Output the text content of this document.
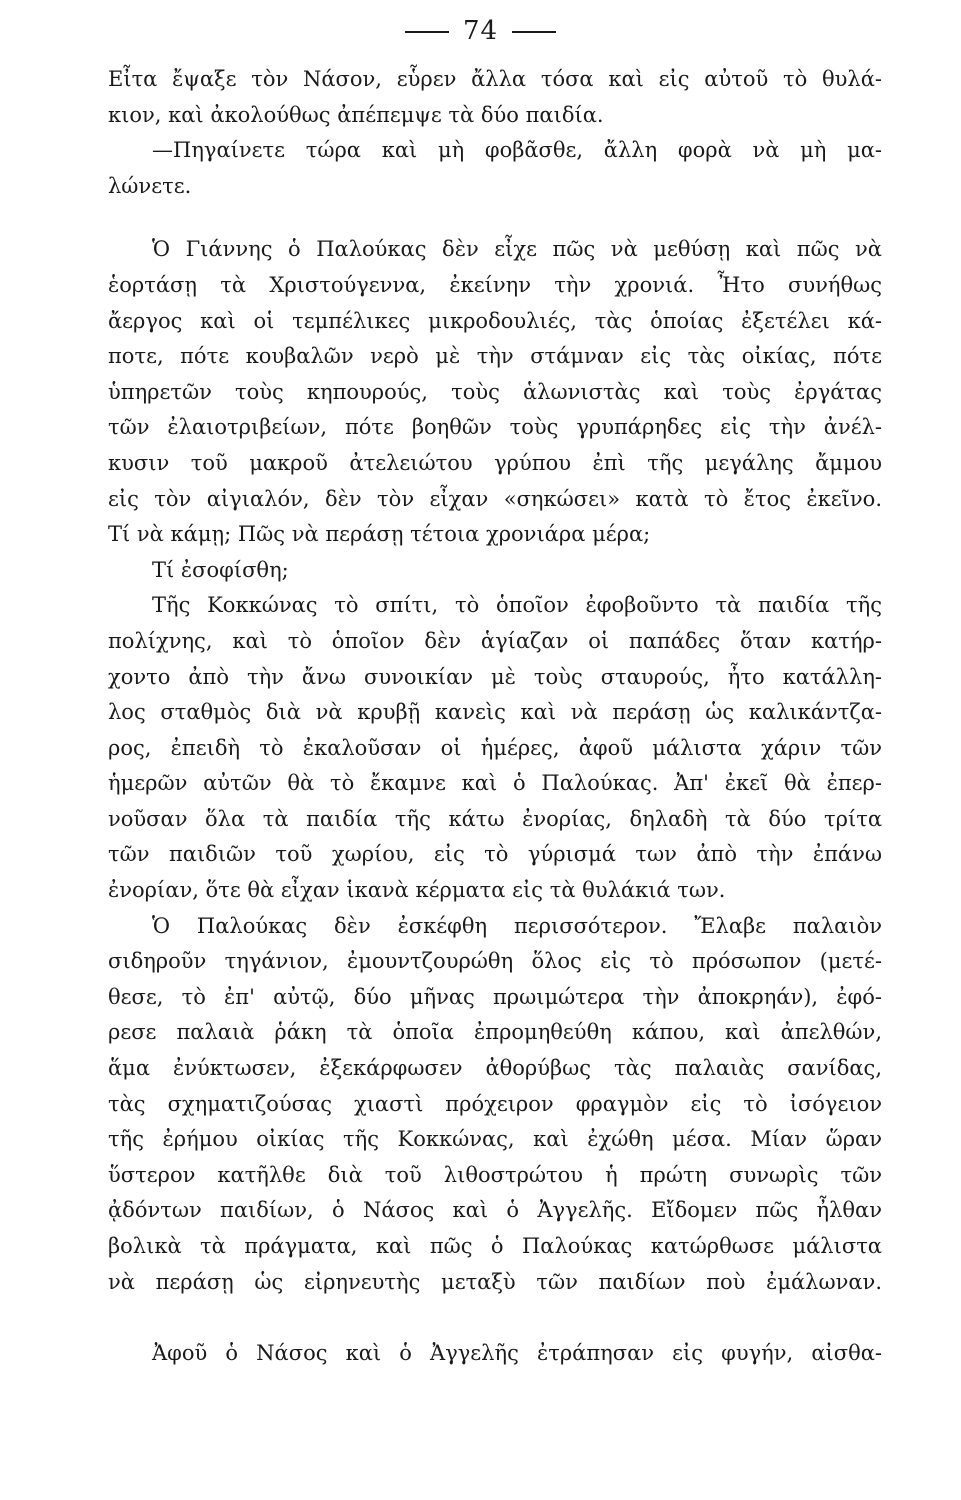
74
Εἶτα ἔψαξε τὸν Νάσον, εὗρεν ἄλλα τόσα καὶ εἰς αὐτοῦ τὸ θυλά-
κιον, καὶ ἀκολούθως ἀπέπεμψε τὰ δύο παιδία.
—Πηγαίνετε τώρα καὶ μὴ φοβᾶσθε, ἄλλη φορὰ νὰ μὴ μα-
λώνετε.
Ὁ Γιάννης ὁ Παλούκας δὲν εἶχε πῶς νὰ μεθύσῃ καὶ πῶς νὰ
ἑορτάσῃ τὰ Χριστούγεννα, ἐκείνην τὴν χρονιά. Ἦτο συνήθως
ἄεργος καὶ οἱ τεμπέλικες μικροδουλιές, τὰς ὁποίας ἐξετέλει κά-
ποτε, πότε κουβαλῶν νερὸ μὲ τὴν στάμναν εἰς τὰς οἰκίας, πότε
ὑπηρετῶν τοὺς κηπουρούς, τοὺς ἁλωνιστὰς καὶ τοὺς ἐργάτας
τῶν ἐλαιοτριβείων, πότε βοηθῶν τοὺς γρυπάρηδες εἰς τὴν ἀνέλ-
κυσιν τοῦ μακροῦ ἀτελειώτου γρύπου ἐπὶ τῆς μεγάλης ἄμμου
εἰς τὸν αἰγιαλόν, δὲν τὸν εἶχαν «σηκώσει» κατὰ τὸ ἔτος ἐκεῖνο.
Τί νὰ κάμῃ; Πῶς νὰ περάσῃ τέτοια χρονιάρα μέρα;
Τί ἐσοφίσθη;
Τῆς Κοκκώνας τὸ σπίτι, τὸ ὁποῖον ἐφοβοῦντο τὰ παιδία τῆς
πολίχνης, καὶ τὸ ὁποῖον δὲν ἁγίαζαν οἱ παπάδες ὅταν κατήρ-
χοντο ἀπὸ τὴν ἄνω συνοικίαν μὲ τοὺς σταυρούς, ἦτο κατάλλη-
λος σταθμὸς διὰ νὰ κρυβῇ κανεὶς καὶ νὰ περάσῃ ὡς καλικάντζα-
ρος, ἐπειδὴ τὸ ἐκαλοῦσαν οἱ ἡμέρες, ἀφοῦ μάλιστα χάριν τῶν
ἡμερῶν αὐτῶν θὰ τὸ ἔκαμνε καὶ ὁ Παλούκας. Ἀπ' ἐκεῖ θὰ ἐπερ-
νοῦσαν ὅλα τὰ παιδία τῆς κάτω ἐνορίας, δηλαδὴ τὰ δύο τρίτα
τῶν παιδιῶν τοῦ χωρίου, εἰς τὸ γύρισμά των ἀπὸ τὴν ἐπάνω
ἐνορίαν, ὅτε θὰ εἶχαν ἱκανὰ κέρματα εἰς τὰ θυλάκιά των.
Ὁ Παλούκας δὲν ἐσκέφθη περισσότερον. Ἔλαβε παλαιὸν
σιδηροῦν τηγάνιον, ἐμουντζουρώθη ὅλος εἰς τὸ πρόσωπον (μετέ-
θεσε, τὸ ἐπ' αὐτῷ, δύο μῆνας πρωιμώτερα τὴν ἀποκρηάν), ἐφό-
ρεσε παλαιὰ ῥάκη τὰ ὁποῖα ἐπρομηθεύθη κάπου, καὶ ἀπελθών,
ἅμα ἐνύκτωσεν, ἐξεκάρφωσεν ἀθορύβως τὰς παλαιὰς σανίδας,
τὰς σχηματιζούσας χιαστὶ πρόχειρον φραγμὸν εἰς τὸ ἰσόγειον
τῆς ἐρήμου οἰκίας τῆς Κοκκώνας, καὶ ἐχώθη μέσα. Μίαν ὥραν
ὕστερον κατῆλθε διὰ τοῦ λιθοστρώτου ἡ πρώτη συνωρὶς τῶν
ᾀδόντων παιδίων, ὁ Νάσος καὶ ὁ Ἀγγελῆς. Εἴδομεν πῶς ἦλθαν
βολικὰ τὰ πράγματα, καὶ πῶς ὁ Παλούκας κατώρθωσε μάλιστα
νὰ περάσῃ ὡς εἰρηνευτὴς μεταξὺ τῶν παιδίων ποὺ ἐμάλωναν.
Ἀφοῦ ὁ Νάσος καὶ ὁ Ἀγγελῆς ἐτράπησαν εἰς φυγήν, αἰσθα-
